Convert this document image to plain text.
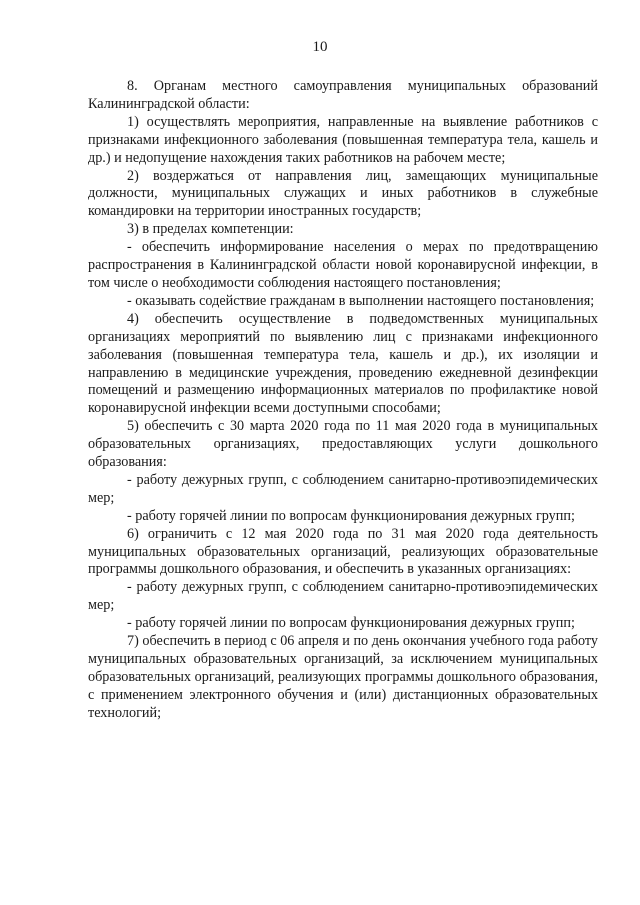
10

8. Органам местного самоуправления муниципальных образований Калининградской области:

1) осуществлять мероприятия, направленные на выявление работников с признаками инфекционного заболевания (повышенная температура тела, кашель и др.) и недопущение нахождения таких работников на рабочем месте;

2) воздержаться от направления лиц, замещающих муниципальные должности, муниципальных служащих и иных работников в служебные командировки на территории иностранных государств;

3) в пределах компетенции:

- обеспечить информирование населения о мерах по предотвращению распространения в Калининградской области новой коронавирусной инфекции, в том числе о необходимости соблюдения настоящего постановления;

- оказывать содействие гражданам в выполнении настоящего постановления;

4) обеспечить осуществление в подведомственных муниципальных организациях мероприятий по выявлению лиц с признаками инфекционного заболевания (повышенная температура тела, кашель и др.), их изоляции и направлению в медицинские учреждения, проведению ежедневной дезинфекции помещений и размещению информационных материалов по профилактике новой коронавирусной инфекции всеми доступными способами;

5) обеспечить с 30 марта 2020 года по 11 мая 2020 года в муниципальных образовательных организациях, предоставляющих услуги дошкольного образования:

- работу дежурных групп, с соблюдением санитарно-противоэпидемических мер;

- работу горячей линии по вопросам функционирования дежурных групп;

6) ограничить с 12 мая 2020 года по 31 мая 2020 года деятельность муниципальных образовательных организаций, реализующих образовательные программы дошкольного образования, и обеспечить в указанных организациях:

- работу дежурных групп, с соблюдением санитарно-противоэпидемических мер;

- работу горячей линии по вопросам функционирования дежурных групп;

7) обеспечить в период с 06 апреля и по день окончания учебного года работу муниципальных образовательных организаций, за исключением муниципальных образовательных организаций, реализующих программы дошкольного образования, с применением электронного обучения и (или) дистанционных образовательных технологий;
